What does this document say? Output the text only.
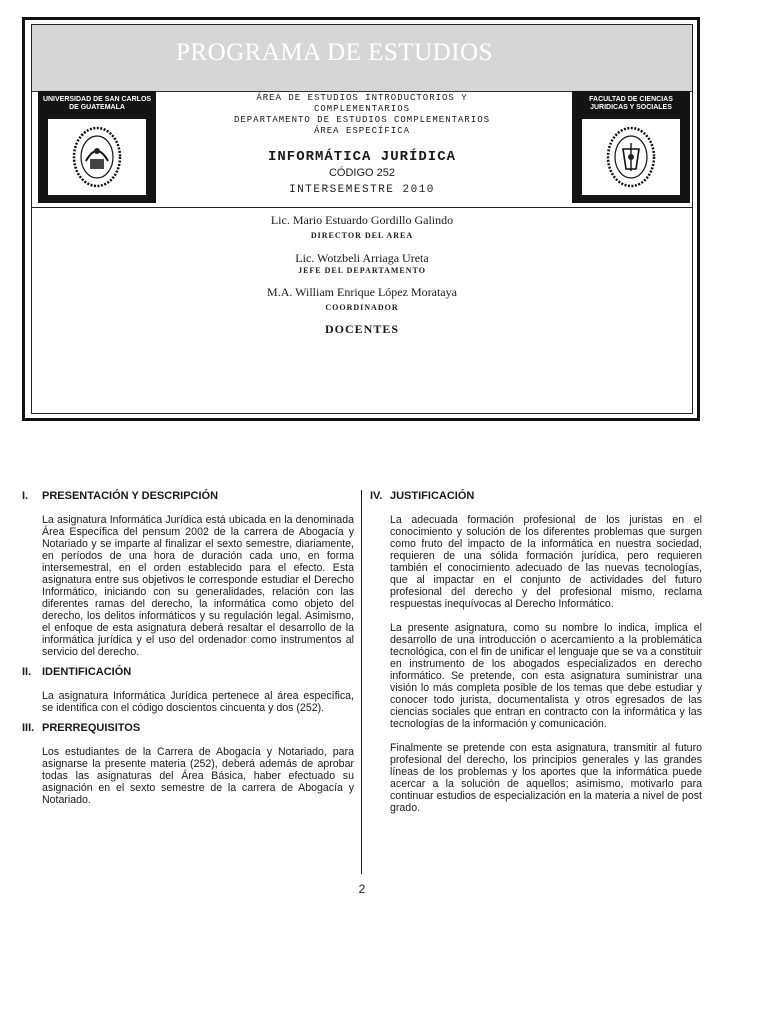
PROGRAMA DE ESTUDIOS
UNIVERSIDAD DE SAN CARLOS DE GUATEMALA
FACULTAD DE CIENCIAS JURIDICAS Y SOCIALES
ÁREA DE ESTUDIOS INTRODUCTORIOS Y
COMPLEMENTARIOS
DEPARTAMENTO DE ESTUDIOS COMPLEMENTARIOS
ÁREA ESPECÍFICA
INFORMÁTICA JURÍDICA
CÓDIGO 252
INTERSEMESTRE 2010
Lic. Mario Estuardo Gordillo Galindo
DIRECTOR DEL AREA
Lic. Wotzbeli Arriaga Ureta
JEFE DEL DEPARTAMENTO
M.A. William Enrique López Morataya
COORDINADOR
DOCENTES
I.	PRESENTACIÓN Y DESCRIPCIÓN

La asignatura Informática Jurídica está ubicada en la denominada Área Específica del pensum 2002 de la carrera de Abogacía y Notariado y se imparte al finalizar el sexto semestre, diariamente, en períodos de una hora de duración cada uno, en forma intersemestral, en el orden establecido para el efecto. Esta asignatura entre sus objetivos le corresponde estudiar el Derecho Informático, iniciando con su generalidades, relación con las diferentes ramas del derecho, la informática como objeto del derecho, los delitos informáticos y su regulación legal. Asimismo, el enfoque de esta asignatura deberá resaltar el desarrollo de la informática jurídica y el uso del ordenador como instrumentos al servicio del derecho.

II. IDENTIFICACIÓN

La asignatura Informática Jurídica pertenece al área específica, se identifica con el código doscientos cincuenta y dos (252).

III. PRERREQUISITOS

Los estudiantes de la Carrera de Abogacía y Notariado, para asignarse la presente materia (252), deberá además de aprobar todas las asignaturas del Área Básica, haber efectuado su asignación en el sexto semestre de la carrera de Abogacía y Notariado.

IV. JUSTIFICACIÓN

La adecuada formación profesional de los juristas en el conocimiento y solución de los diferentes problemas que surgen como fruto del impacto de la informática en nuestra sociedad, requieren de una sólida formación jurídica, pero requieren también el conocimiento adecuado de las nuevas tecnologías, que al impactar en el conjunto de actividades del futuro profesional del derecho y del profesional mismo, reclama respuestas inequívocas al Derecho Informático.

La presente asignatura, como su nombre lo indica, implica el desarrollo de una introducción o acercamiento a la problemática tecnológica, con el fin de unificar el lenguaje que se va a constituir en instrumento de los abogados especializados en derecho informático. Se pretende, con esta asignatura suministrar una visión lo más completa posible de los temas que debe estudiar y conocer todo jurista, documentalista y otros egresados de las ciencias sociales que entran en contracto con la informática y las tecnologías de la información y comunicación.

Finalmente se pretende con esta asignatura, transmitir al futuro profesional del derecho, los principios generales y las grandes líneas de los problemas y los aportes que la informática puede acercar a la solución de aquellos; asimismo, motivarlo para continuar estudios de especialización en la materia a nivel de post grado.

2
